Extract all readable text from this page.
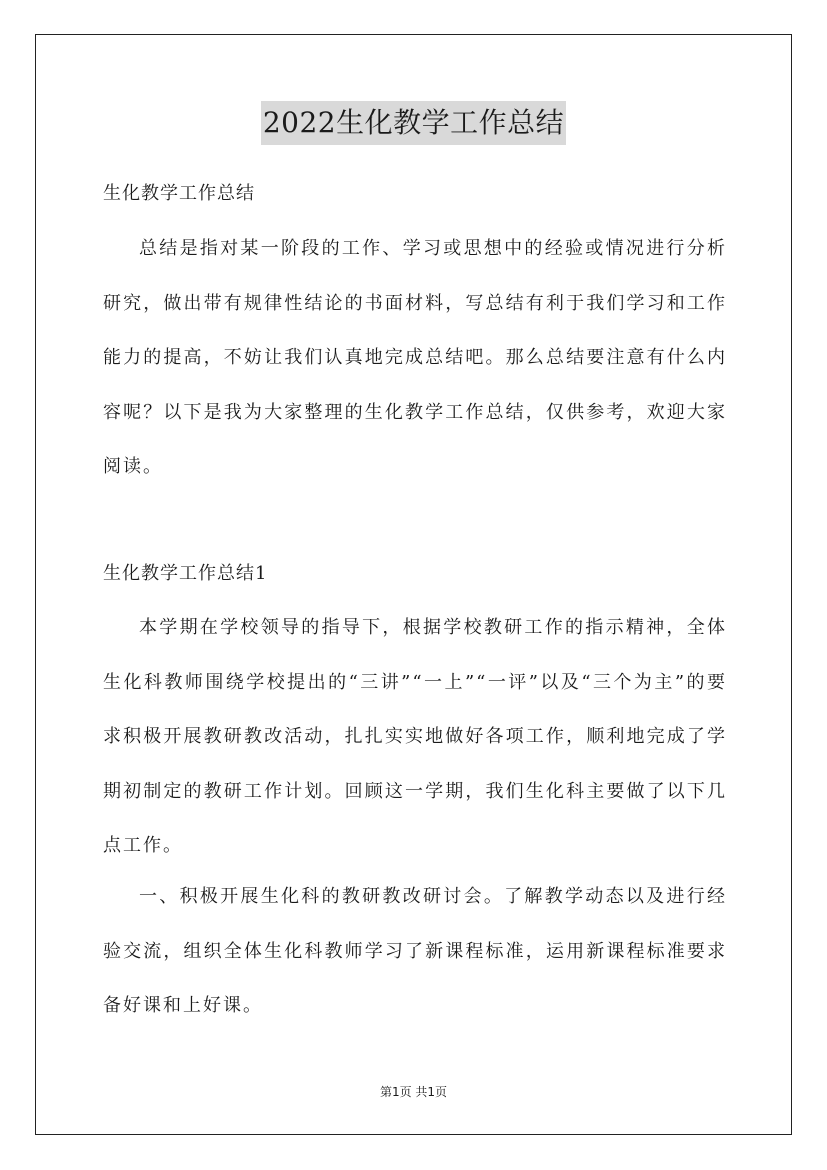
2022生化教学工作总结

生化教学工作总结

总结是指对某一阶段的工作、学习或思想中的经验或情况进行分析研究，做出带有规律性结论的书面材料，写总结有利于我们学习和工作能力的提高，不妨让我们认真地完成总结吧。那么总结要注意有什么内容呢？以下是我为大家整理的生化教学工作总结，仅供参考，欢迎大家阅读。

生化教学工作总结1

本学期在学校领导的指导下，根据学校教研工作的指示精神，全体生化科教师围绕学校提出的“三讲”“一上”“一评”以及“三个为主”的要求积极开展教研教改活动，扎扎实实地做好各项工作，顺利地完成了学期初制定的教研工作计划。回顾这一学期，我们生化科主要做了以下几点工作。

一、积极开展生化科的教研教改研讨会。了解教学动态以及进行经验交流，组织全体生化科教师学习了新课程标准，运用新课程标准要求备好课和上好课。

第1页 共1页
